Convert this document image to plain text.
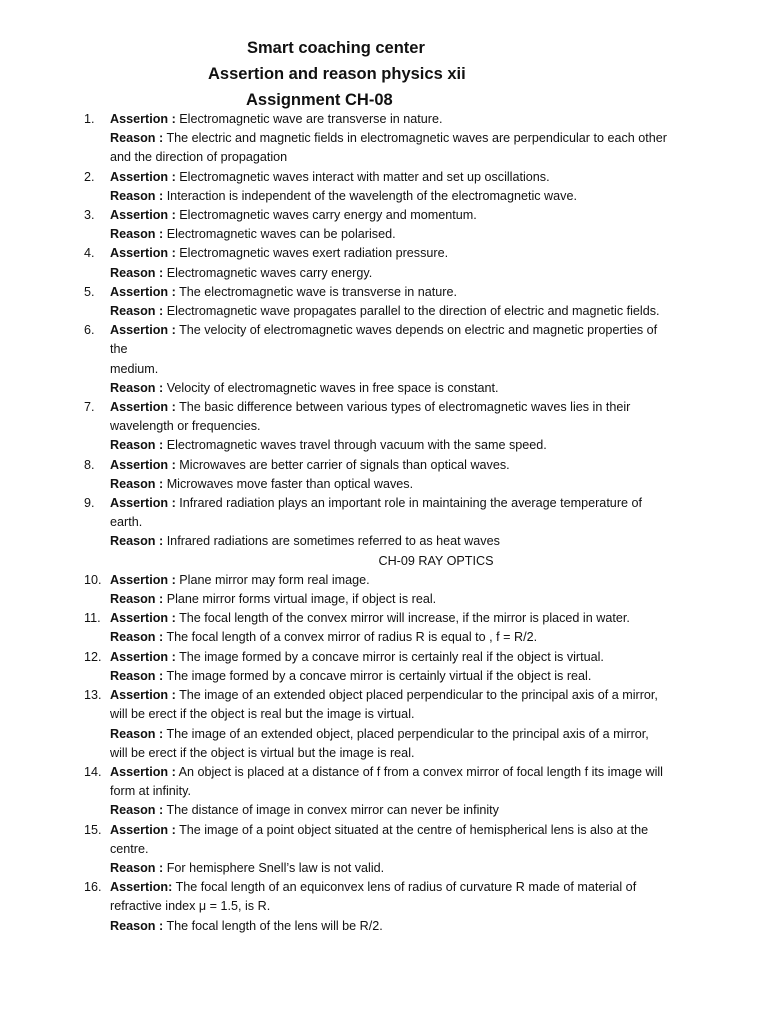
Smart coaching center
Assertion and reason physics xii
Assignment CH-08
1.	Assertion : Electromagnetic wave are transverse in nature.
Reason : The electric and magnetic fields in electromagnetic waves are perpendicular to each other
and the direction of propagation
2.	Assertion : Electromagnetic waves interact with matter and set up oscillations.
Reason : Interaction is independent of the wavelength of the electromagnetic wave.
3.	Assertion : Electromagnetic waves carry energy and momentum.
Reason : Electromagnetic waves can be polarised.
4.	Assertion : Electromagnetic waves exert radiation pressure.
Reason : Electromagnetic waves carry energy.
5.	Assertion : The electromagnetic wave is transverse in nature.
Reason : Electromagnetic wave propagates parallel to the direction of electric and magnetic fields.
6.	Assertion : The velocity of electromagnetic waves depends on electric and magnetic properties of
the
medium.
Reason : Velocity of electromagnetic waves in free space is constant.
7.	Assertion : The basic difference between various types of electromagnetic waves lies in their
wavelength or frequencies.
Reason : Electromagnetic waves travel through vacuum with the same speed.
8.	Assertion : Microwaves are better carrier of signals than optical waves.
Reason : Microwaves move faster than optical waves.
9.	Assertion : Infrared radiation plays an important role in maintaining the average temperature of
earth.
Reason : Infrared radiations are sometimes referred to as heat waves
CH-09 RAY OPTICS
10. Assertion : Plane mirror may form real image.
Reason : Plane mirror forms virtual image, if object is real.
11. Assertion : The focal length of the convex mirror will increase, if the mirror is placed in water.
Reason : The focal length of a convex mirror of radius R is equal to , f = R/2.
12. Assertion : The image formed by a concave mirror is certainly real if the object is virtual.
Reason : The image formed by a concave mirror is certainly virtual if the object is real.
13. Assertion : The image of an extended object placed perpendicular to the principal axis of a mirror,
will be erect if the object is real but the image is virtual.
Reason : The image of an extended object, placed perpendicular to the principal axis of a mirror,
will be erect if the object is virtual but the image is real.
14. Assertion : An object is placed at a distance of f from a convex mirror of focal length f its image will
form at infinity.
Reason : The distance of image in convex mirror can never be infinity
15. Assertion : The image of a point object situated at the centre of hemispherical lens is also at the
centre.
Reason : For hemisphere Snell’s law is not valid.
16. Assertion: The focal length of an equiconvex lens of radius of curvature R made of material of
refractive index μ = 1.5, is R.
Reason : The focal length of the lens will be R/2.
